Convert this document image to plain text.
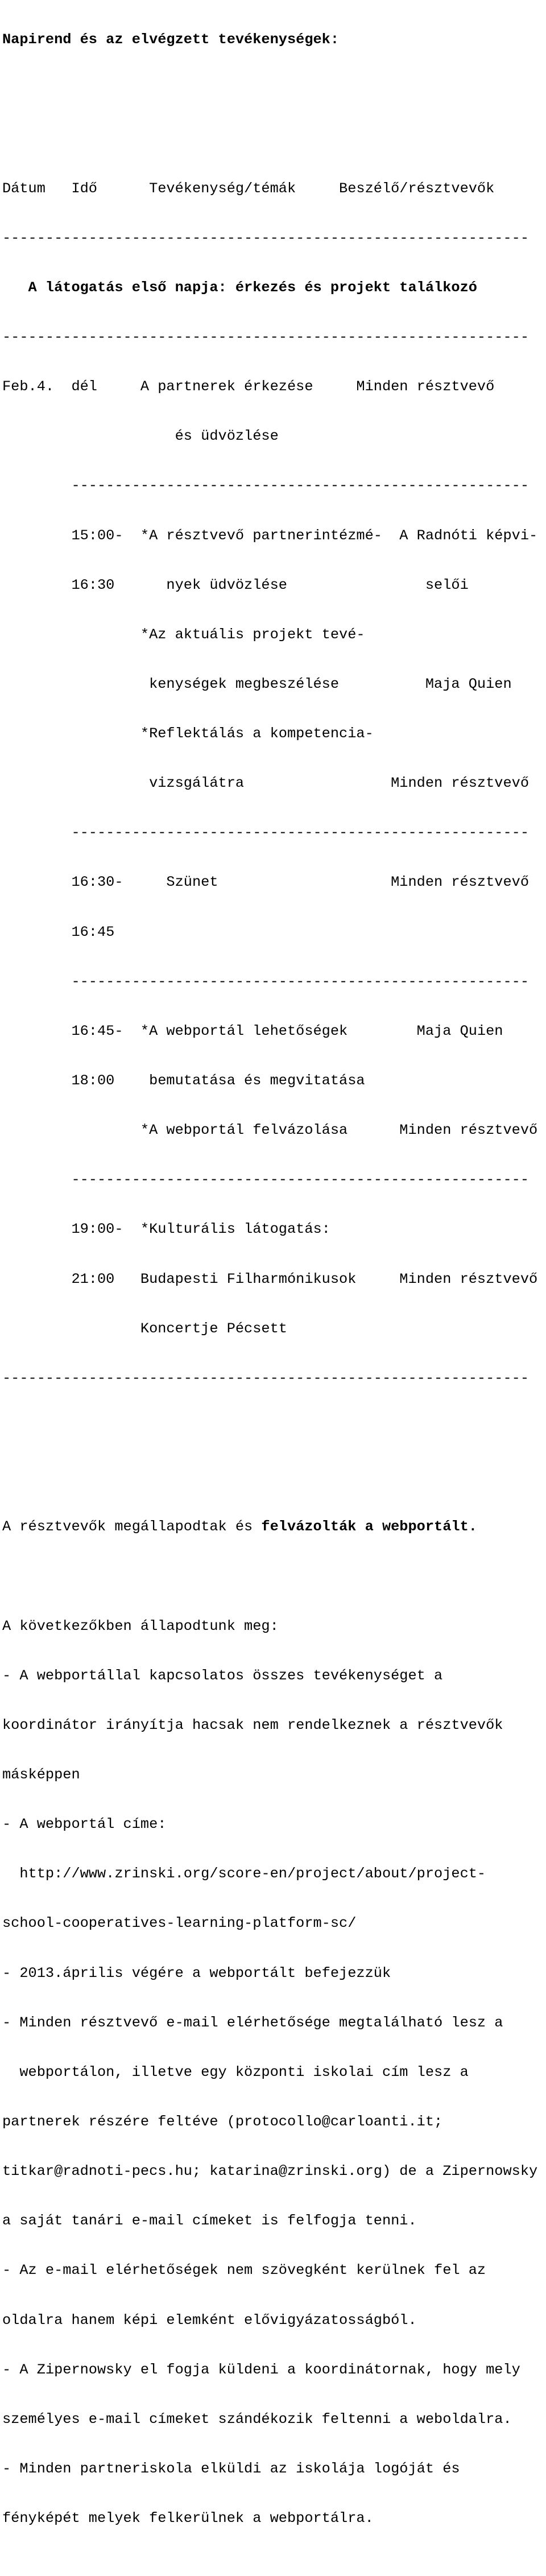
Napirend és az elvégzett tevékenységek:

Dátum   Idő      Tevékenység/témák     Beszélő/résztvevők

-------------------------------------------------------------

A látogatás első napja: érkezés és projekt találkozó

-------------------------------------------------------------

Feb.4.  dél     A partnerek érkezése     Minden résztvevő

és üdvözlése

-----------------------------------------------------

15:00-  *A résztvevő partnerintézmé-  A Radnóti képvi-

16:30      nyek üdvözlése                selői

*Az aktuális projekt tevé-

kenységek megbeszélése          Maja Quien

*Reflektálás a kompetencia-

vizsgálátra                 Minden résztvevő

-----------------------------------------------------

16:30-     Szünet                    Minden résztvevő

16:45

-----------------------------------------------------

16:45-  *A webportál lehetőségek        Maja Quien

18:00    bemutatása és megvitatása

*A webportál felvázolása      Minden résztvevő

-----------------------------------------------------

19:00-  *Kulturális látogatás:

21:00   Budapesti Filharmónikusok     Minden résztvevő

Koncertje Pécsett

-------------------------------------------------------------

A résztvevők megállapodtak és felvázolták a webportált.

A következőkben állapodtunk meg:

- A webportállal kapcsolatos összes tevékenységet a

koordinátor irányítja hacsak nem rendelkeznek a résztvevők

másképpen

- A webportál címe:

http://www.zrinski.org/score-en/project/about/project-

school-cooperatives-learning-platform-sc/

- 2013.április végére a webportált befejezzük

- Minden résztvevő e-mail elérhetősége megtalálható lesz a

webportálon, illetve egy központi iskolai cím lesz a

partnerek részére feltéve (protocollo@carloanti.it;

titkar@radnoti-pecs.hu; katarina@zrinski.org) de a Zipernowsky

a saját tanári e-mail címeket is felfogja tenni.

- Az e-mail elérhetőségek nem szövegként kerülnek fel az

oldalra hanem képi elemként elővigyázatosságból.

- A Zipernowsky el fogja küldeni a koordinátornak, hogy mely

személyes e-mail címeket szándékozik feltenni a weboldalra.

- Minden partneriskola elküldi az iskolája logóját és

fényképét melyek felkerülnek a webportálra.
